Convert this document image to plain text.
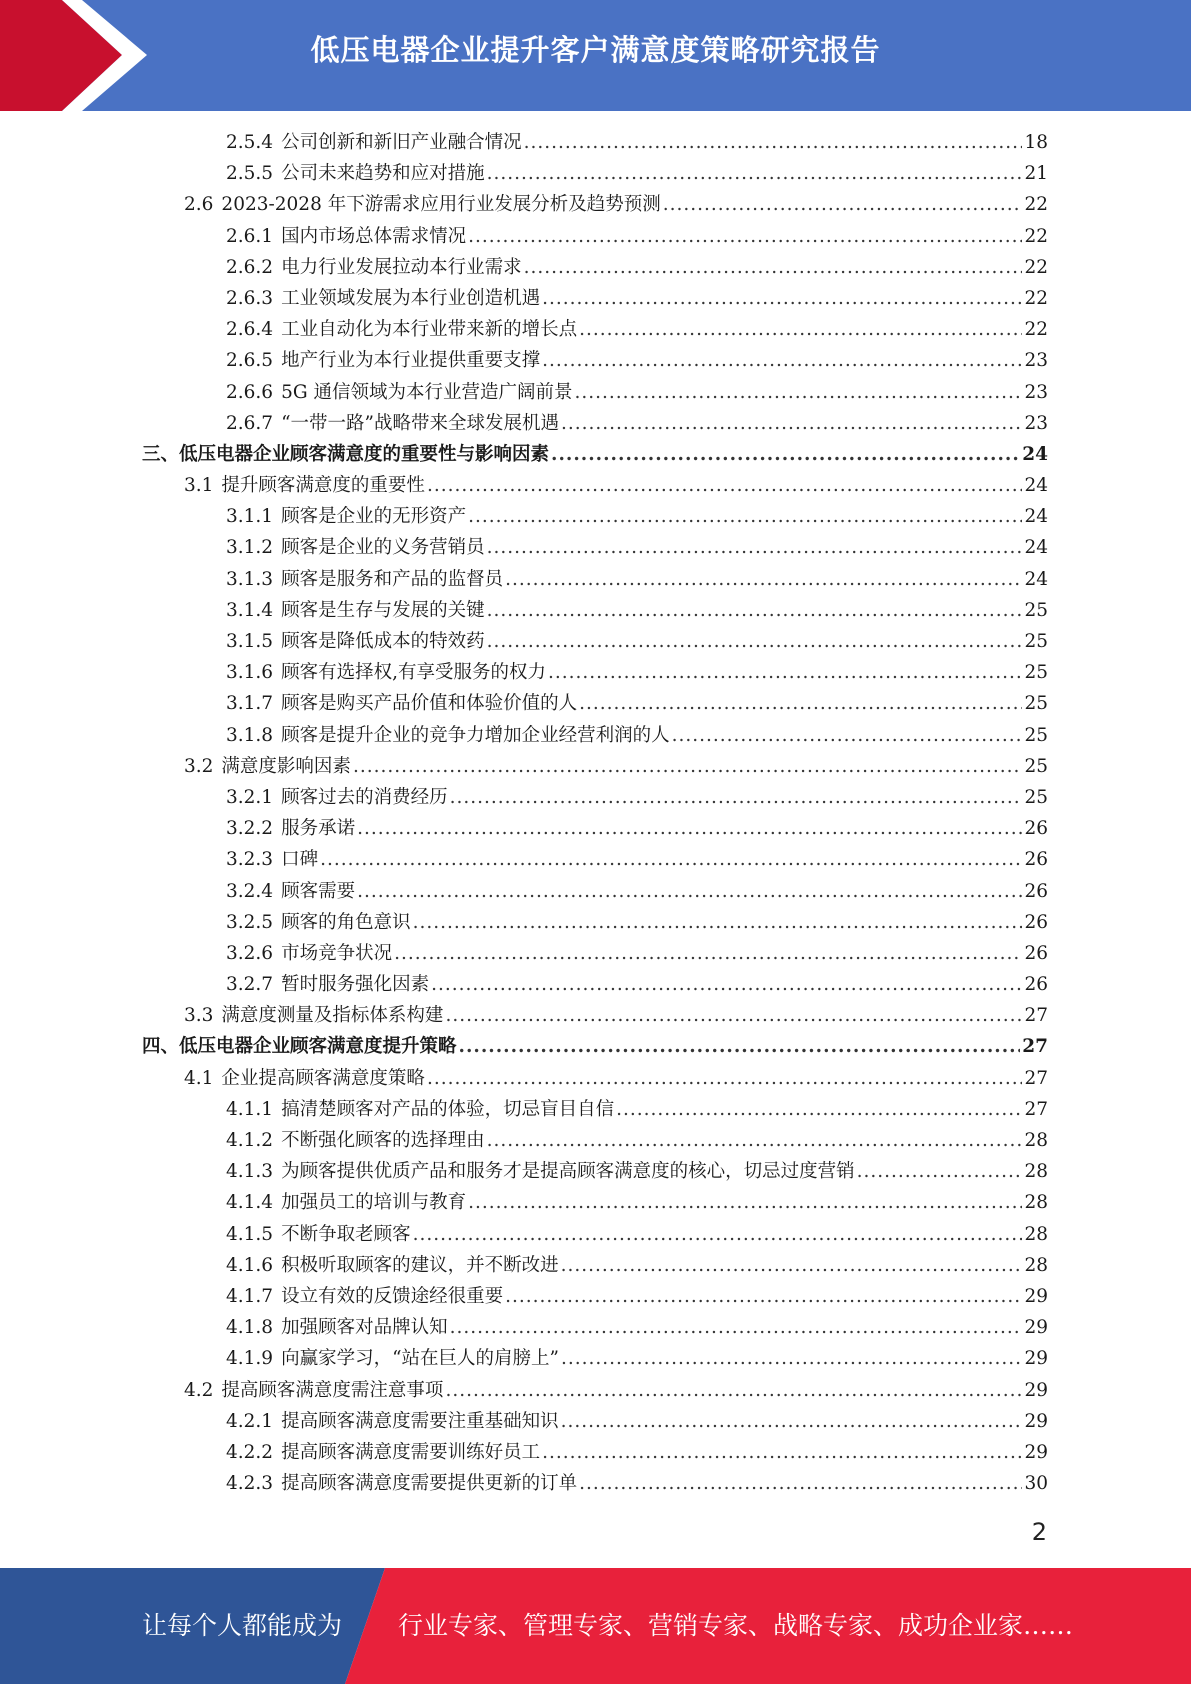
低压电器企业提升客户满意度策略研究报告
2.5.4 公司创新和新旧产业融合情况 .....	18
2.5.5 公司未来趋势和应对措施 .....	21
2.6 2023-2028 年下游需求应用行业发展分析及趋势预测 .....	22
2.6.1 国内市场总体需求情况 .....	22
2.6.2 电力行业发展拉动本行业需求 .....	22
2.6.3 工业领域发展为本行业创造机遇 .....	22
2.6.4 工业自动化为本行业带来新的增长点 .....	22
2.6.5 地产行业为本行业提供重要支撑 .....	23
2.6.6 5G 通信领域为本行业营造广阔前景 .....	23
2.6.7 “一带一路”战略带来全球发展机遇 .....	23
三、 低压电器企业顾客满意度的重要性与影响因素 .....	24
3.1 提升顾客满意度的重要性 .....	24
3.1.1 顾客是企业的无形资产 .....	24
3.1.2 顾客是企业的义务营销员 .....	24
3.1.3 顾客是服务和产品的监督员 .....	24
3.1.4 顾客是生存与发展的关键 .....	25
3.1.5 顾客是降低成本的特效药 .....	25
3.1.6 顾客有选择权,有享受服务的权力 .....	25
3.1.7 顾客是购买产品价值和体验价值的人 .....	25
3.1.8 顾客是提升企业的竞争力增加企业经营利润的人 .....	25
3.2 满意度影响因素 .....	25
3.2.1 顾客过去的消费经历 .....	25
3.2.2 服务承诺 .....	26
3.2.3 口碑 .....	26
3.2.4 顾客需要 .....	26
3.2.5 顾客的角色意识 .....	26
3.2.6 市场竞争状况 .....	26
3.2.7 暂时服务强化因素 .....	26
3.3 满意度测量及指标体系构建 .....	27
四、 低压电器企业顾客满意度提升策略 .....	27
4.1 企业提高顾客满意度策略 .....	27
4.1.1 搞清楚顾客对产品的体验，切忌盲目自信 .....	27
4.1.2 不断强化顾客的选择理由 .....	28
4.1.3 为顾客提供优质产品和服务才是提高顾客满意度的核心，切忌过度营销 .....	28
4.1.4 加强员工的培训与教育 .....	28
4.1.5 不断争取老顾客 .....	28
4.1.6 积极听取顾客的建议，并不断改进 .....	28
4.1.7 设立有效的反馈途经很重要 .....	29
4.1.8 加强顾客对品牌认知 .....	29
4.1.9 向赢家学习，“站在巨人的肩膀上” .....	29
4.2 提高顾客满意度需注意事项 .....	29
4.2.1 提高顾客满意度需要注重基础知识 .....	29
4.2.2 提高顾客满意度需要训练好员工 .....	29
4.2.3 提高顾客满意度需要提供更新的订单 .....	30
2
让每个人都能成为 行业专家、管理专家、营销专家、战略专家、成功企业家……
